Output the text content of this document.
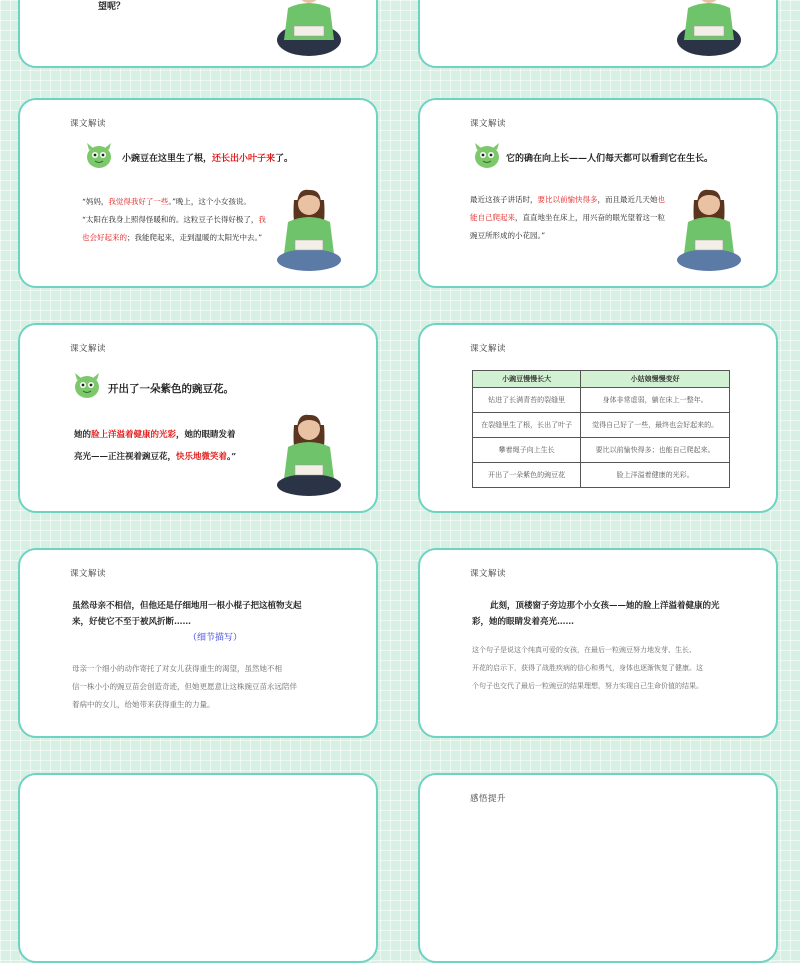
望呢？
课文解读
小豌豆在这里生了根，还长出小叶子来了。
“妈妈，我觉得我好了一些。”晚上，这个小女孩说。
“太阳在我身上照得怪暖和的。这粒豆子长得好极了，我
也会好起来的；我能爬起来，走到温暖的太阳光中去。”
课文解读
它的确在向上长——人们每天都可以看到它在生长。
最近这孩子讲话时，要比以前愉快得多，而且最近几天她也
能自己爬起来，直直地坐在床上，用兴奋的眼光望着这一粒
豌豆所形成的小花园。”
课文解读
开出了一朵紫色的豌豆花。
她的脸上洋溢着健康的光彩，她的眼睛发着
亮光——正注视着豌豆花，快乐地微笑着。”
课文解读
小豌豆慢慢长大	小姑娘慢慢变好
钻进了长满青苔的裂缝里	身体非常虚弱，躺在床上一整年。
在裂缝里生了根，长出了叶子	觉得自己好了一些，最终也会好起来的。
攀着绳子向上生长	要比以前愉快得多；也能自己爬起来。
开出了一朵紫色的豌豆花	脸上洋溢着健康的光彩。
课文解读
虽然母亲不相信，但他还是仔细地用一根小棍子把这植物支起
来，好使它不至于被风折断……
（细节描写）
母亲一个细小的动作寄托了对女儿获得重生的渴望，虽然她不相
信一株小小的豌豆苗会创造奇迹，但她更愿意让这株豌豆苗永远陪伴
着病中的女儿，给她带来获得重生的力量。
课文解读
此刻，顶楼窗子旁边那个小女孩——她的脸上洋溢着健康的光
彩，她的眼睛发着亮光……
这个句子是说这个纯真可爱的女孩，在最后一粒豌豆努力地发芽、生长、
开花的启示下，获得了战胜疾病的信心和勇气，身体也逐渐恢复了健康。这
个句子也交代了最后一粒豌豆的结果理想，努力实现自己生命价值的结果。
感悟提升
